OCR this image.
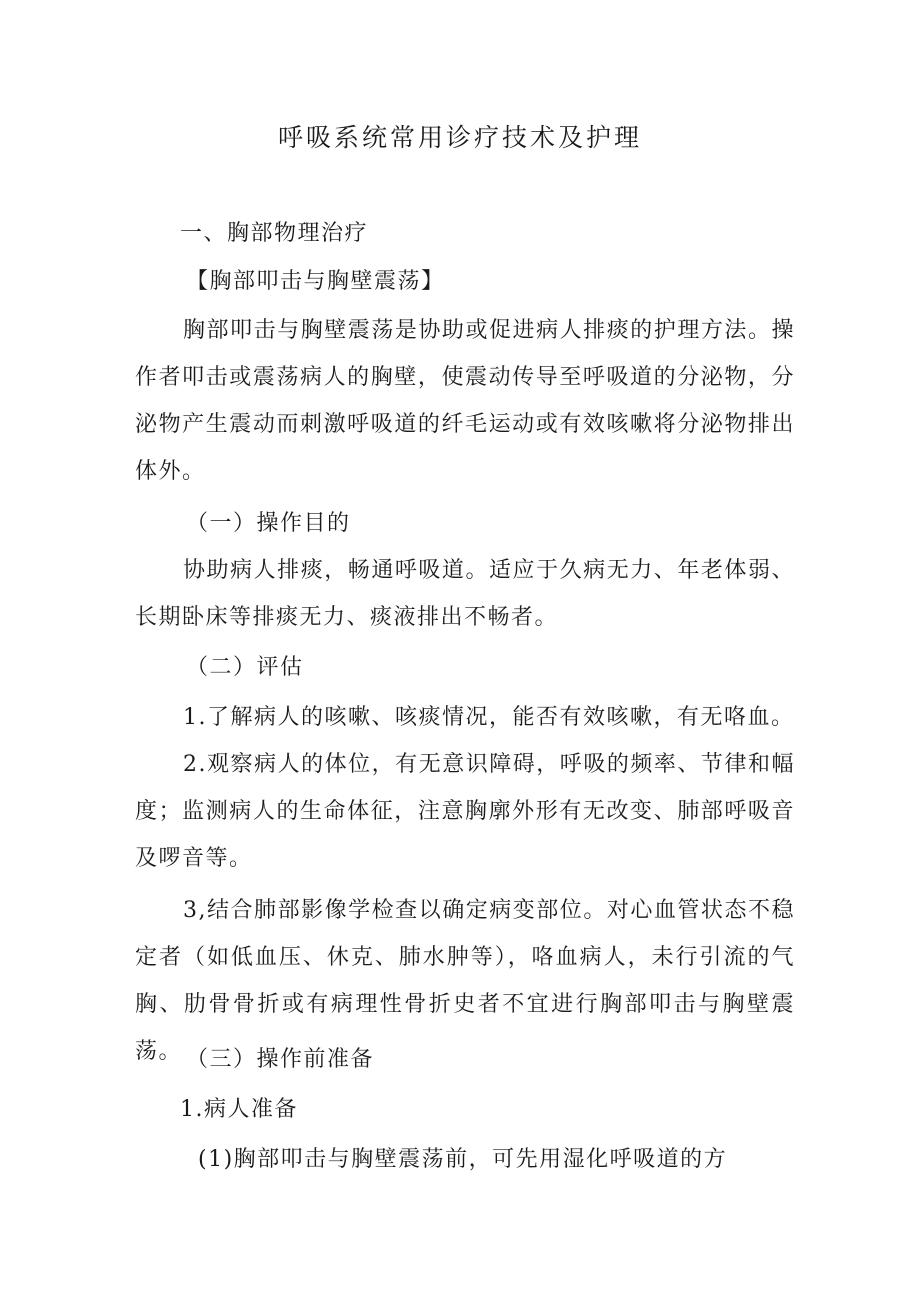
呼吸系统常用诊疗技术及护理
一、胸部物理治疗
【胸部叩击与胸壁震荡】

胸部叩击与胸壁震荡是协助或促进病人排痰的护理方法。操作者叩击或震荡病人的胸壁，使震动传导至呼吸道的分泌物，分泌物产生震动而刺激呼吸道的纤毛运动或有效咳嗽将分泌物排出体外。

（一）操作目的

协助病人排痰，畅通呼吸道。适应于久病无力、年老体弱、长期卧床等排痰无力、痰液排出不畅者。

（二）评估

1.了解病人的咳嗽、咳痰情况，能否有效咳嗽，有无咯血。

2.观察病人的体位，有无意识障碍，呼吸的频率、节律和幅度；监测病人的生命体征，注意胸廓外形有无改变、肺部呼吸音及啰音等。

3,结合肺部影像学检查以确定病变部位。对心血管状态不稳定者（如低血压、休克、肺水肿等），咯血病人，未行引流的气胸、肋骨骨折或有病理性骨折史者不宜进行胸部叩击与胸壁震荡。 （三）操作前准备
1.病人准备
(1)胸部叩击与胸壁震荡前，可先用湿化呼吸道的方
